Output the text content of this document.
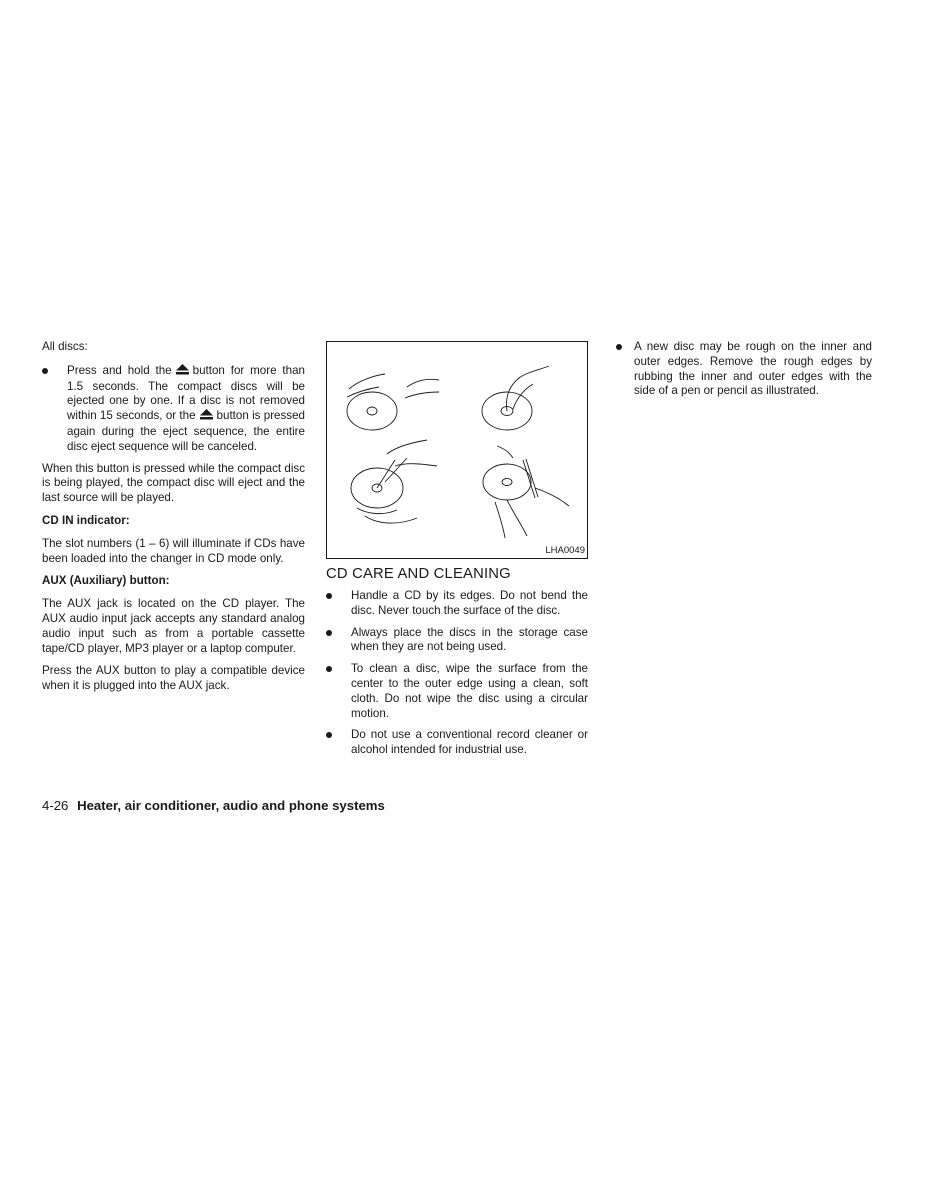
All discs:

Press and hold the button for more than 1.5 seconds. The compact discs will be ejected one by one. If a disc is not removed within 15 seconds, or the button is pressed again during the eject sequence, the entire disc eject sequence will be canceled.

When this button is pressed while the compact disc is being played, the compact disc will eject and the last source will be played.

CD IN indicator:

The slot numbers (1 – 6) will illuminate if CDs have been loaded into the changer in CD mode only.

AUX (Auxiliary) button:

The AUX jack is located on the CD player. The AUX audio input jack accepts any standard analog audio input such as from a portable cassette tape/CD player, MP3 player or a laptop computer.

Press the AUX button to play a compatible device when it is plugged into the AUX jack.

LHA0049
CD CARE AND CLEANING
Handle a CD by its edges. Do not bend the disc. Never touch the surface of the disc.
Always place the discs in the storage case when they are not being used.
To clean a disc, wipe the surface from the center to the outer edge using a clean, soft cloth. Do not wipe the disc using a circular motion.
Do not use a conventional record cleaner or alcohol intended for industrial use.
A new disc may be rough on the inner and outer edges. Remove the rough edges by rubbing the inner and outer edges with the side of a pen or pencil as illustrated.
4-26 Heater, air conditioner, audio and phone systems
